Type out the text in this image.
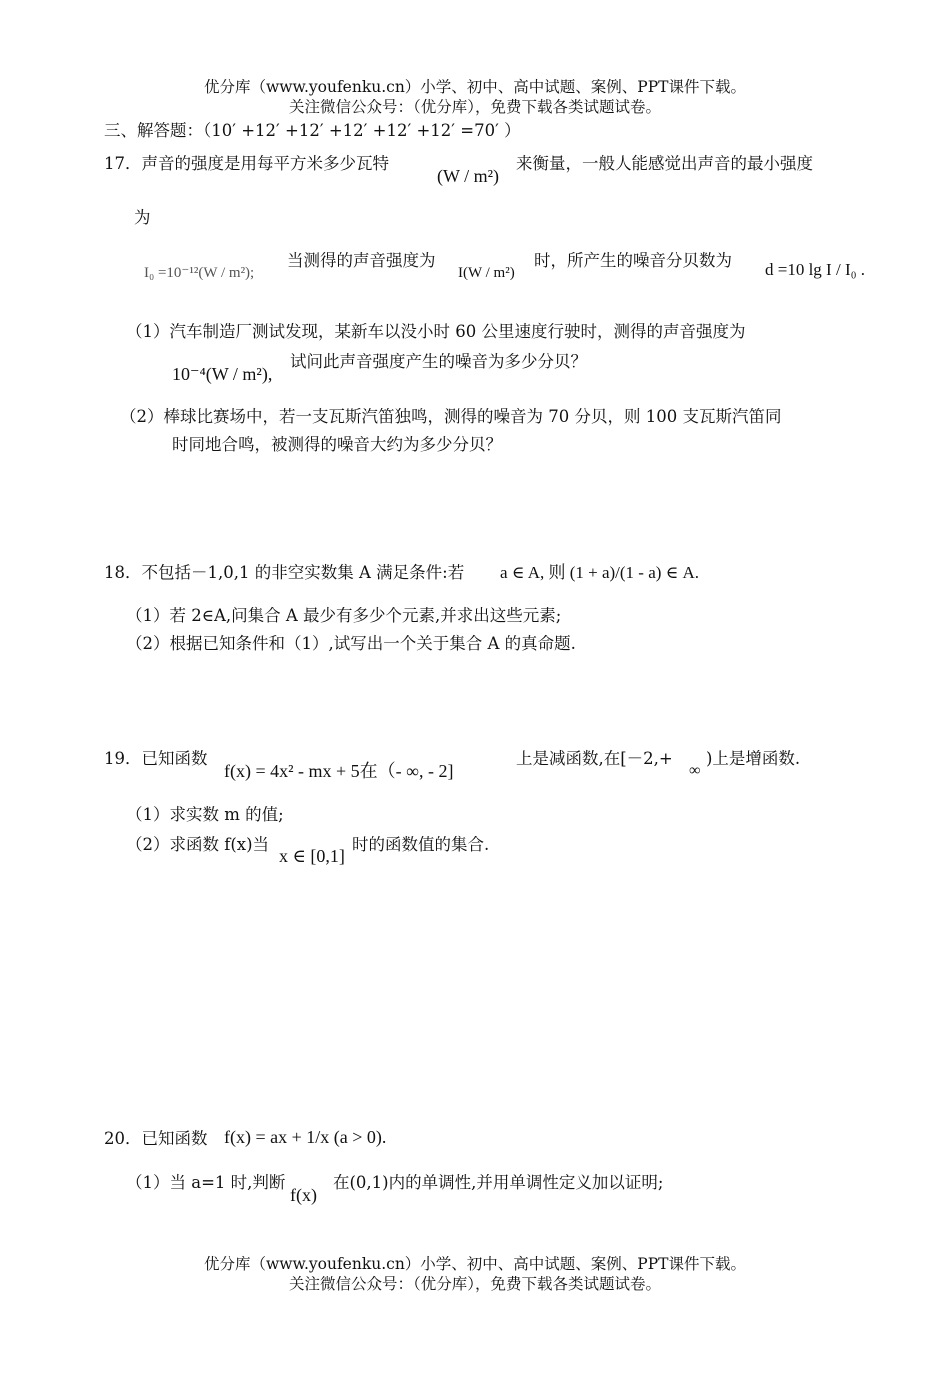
优分库（www.youfenku.cn）小学、初中、高中试题、案例、PPT课件下载。
关注微信公众号：（优分库），免费下载各类试题试卷。
三、解答题：（10′ +12′ +12′ +12′ +12′ +12′ =70′ ）
17．声音的强度是用每平方米多少瓦特
(W / m²)
来衡量，一般人能感觉出声音的最小强度
为
I₀ =10⁻¹²(W / m²);
当测得的声音强度为
I(W / m²)
时，所产生的噪音分贝数为 d =10 lg I / I₀ .
（1）汽车制造厂测试发现，某新车以没小时 60 公里速度行驶时，测得的声音强度为
10⁻⁴(W / m²),
试问此声音强度产生的噪音为多少分贝？
（2）棒球比赛场中，若一支瓦斯汽笛独鸣，测得的噪音为 70 分贝，则 100 支瓦斯汽笛同
时同地合鸣，被测得的噪音大约为多少分贝？
18．不包括－1,0,1 的非空实数集 A 满足条件:若 a ∈ A, 则 (1 + a)/(1 - a) ∈ A.
（1）若 2∈A,问集合 A 最少有多少个元素,并求出这些元素;
（2）根据已知条件和（1）,试写出一个关于集合 A 的真命题.
19．已知函数
f(x) = 4x² - mx + 5在（- ∞, - 2]
上是减函数,在[－2,+
∞
)上是增函数.
（1）求实数 m 的值;
（2）求函数 f(x)当
x ∈ [0,1]
时的函数值的集合.
20．已知函数 f(x) = ax + 1/x (a > 0).
（1）当 a=1 时,判断
f(x)
在(0,1)内的单调性,并用单调性定义加以证明;
优分库（www.youfenku.cn）小学、初中、高中试题、案例、PPT课件下载。
关注微信公众号：（优分库），免费下载各类试题试卷。
